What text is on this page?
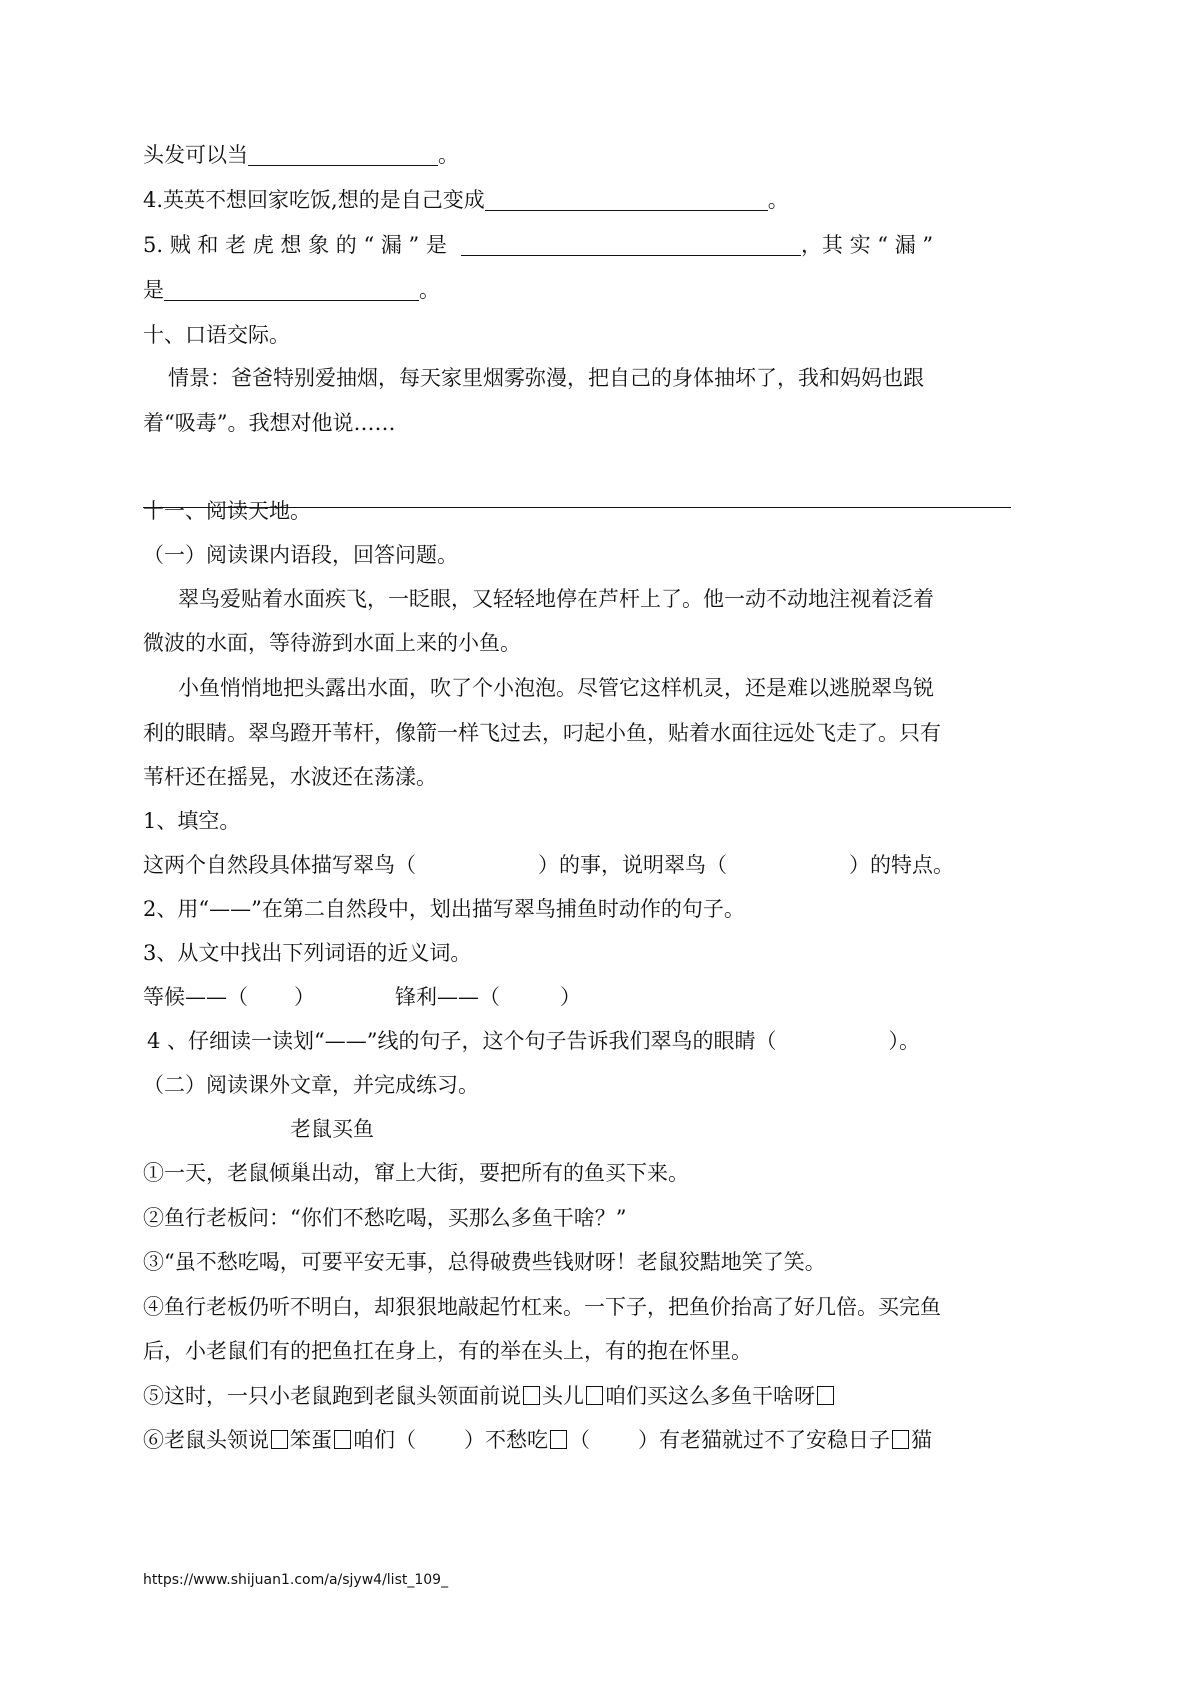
头发可以当	。
4.英英不想回家吃饭,想的是自己变成	。
5. 贼 和 老 虎 想 象 的 “ 漏 ” 是	，其 实 “ 漏 ”
是	。
十、口语交际。
情景：爸爸特别爱抽烟，每天家里烟雾弥漫，把自己的身体抽坏了，我和妈妈也跟
着“吸毒”。我想对他说……
十一、阅读天地。
（一）阅读课内语段，回答问题。
翠鸟爱贴着水面疾飞，一眨眼，又轻轻地停在芦杆上了。他一动不动地注视着泛着
微波的水面，等待游到水面上来的小鱼。
小鱼悄悄地把头露出水面，吹了个小泡泡。尽管它这样机灵，还是难以逃脱翠鸟锐
利的眼睛。翠鸟蹬开苇杆，像箭一样飞过去，叼起小鱼，贴着水面往远处飞走了。只有
苇杆还在摇晃，水波还在荡漾。
1、填空。
这两个自然段具体描写翠鸟（	）的事，说明翠鸟（	）的特点。
2、用“——”在第二自然段中，划出描写翠鸟捕鱼时动作的句子。
3、从文中找出下列词语的近义词。
等候——（ ）	锋利——（	）
4 、仔细读一读划“——”线的句子，这个句子告诉我们翠鸟的眼睛（	）。
（二）阅读课外文章，并完成练习。
老鼠买鱼
①一天，老鼠倾巢出动，窜上大街，要把所有的鱼买下来。
②鱼行老板问：“你们不愁吃喝，买那么多鱼干啥？”
③“虽不愁吃喝，可要平安无事，总得破费些钱财呀！老鼠狡黠地笑了笑。
④鱼行老板仍听不明白，却狠狠地敲起竹杠来。一下子，把鱼价抬高了好几倍。买完鱼
后，小老鼠们有的把鱼扛在身上，有的举在头上，有的抱在怀里。
⑤这时，一只小老鼠跑到老鼠头领面前说 头儿 咱们买这么多鱼干啥呀
⑥老鼠头领说 笨蛋 咱们（ ）不愁吃 （ ）有老猫就过不了安稳日子 猫
https://www.shijuan1.com/a/sjyw4/list_109_
